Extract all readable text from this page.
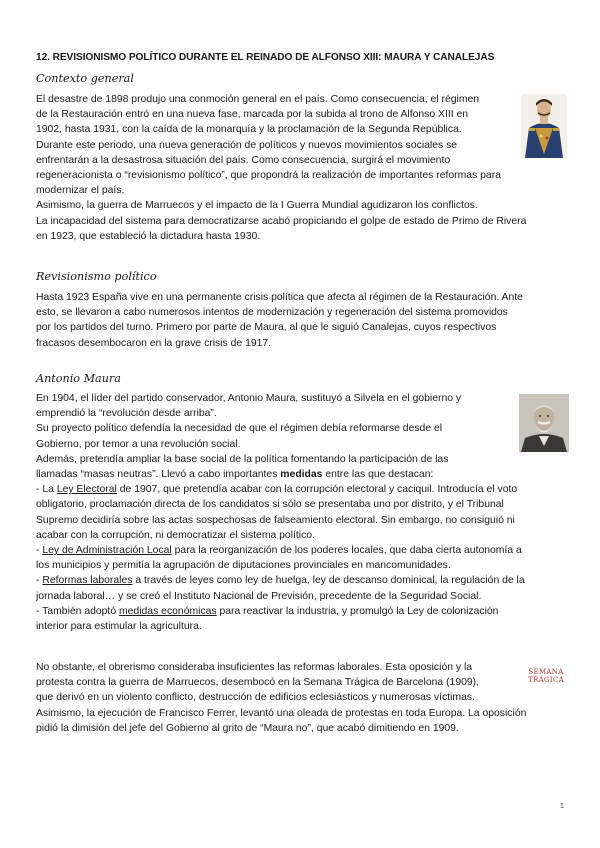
12. REVISIONISMO POLÍTICO DURANTE EL REINADO DE ALFONSO XIII: MAURA Y CANALEJAS
Contexto general

El desastre de 1898 produjo una conmoción general en el país. Como consecuencia, el régimen

de la Restauración entró en una nueva fase, marcada por la subida al trono de Alfonso XIII en

1902, hasta 1931, con la caída de la monarquía y la proclamación de la Segunda República.

Durante este periodo, una nueva generación de políticos y nuevos movimientos sociales se

enfrentarán a la desastrosa situación del país. Como consecuencia, surgirá el movimiento

regeneracionista o “revisionismo político”, que propondrá la realización de importantes reformas para

modernizar el país.

Asimismo, la guerra de Marruecos y el impacto de la I Guerra Mundial agudizaron los conflictos.

La incapacidad del sistema para democratizarse acabó propiciando el golpe de estado de Primo de Rivera

en 1923, que estableció la dictadura hasta 1930.

Revisionismo político

Hasta 1923 España vive en una permanente crisis política que afecta al régimen de la Restauración. Ante

esto, se llevaron a cabo numerosos intentos de modernización y regeneración del sistema promovidos

por los partidos del turno. Primero por parte de Maura, al que le siguió Canalejas, cuyos respectivos

fracasos desembocaron en la grave crisis de 1917.

Antonio Maura

En 1904, el líder del partido conservador, Antonio Maura, sustituyó a Silvela en el gobierno y

emprendió la “revolución desde arriba”.

Su proyecto político defendía la necesidad de que el régimen debía reformarse desde el

Gobierno, por temor a una revolución social.

Además, pretendía ampliar la base social de la política fomentando la participación de las

llamadas “masas neutras”. Llevó a cabo importantes medidas entre las que destacan:

- La Ley Electoral de 1907, que pretendía acabar con la corrupción electoral y caciquil. Introducía el voto

obligatorio, proclamación directa de los candidatos si sólo se presentaba uno por distrito, y el Tribunal

Supremo decidiría sobre las actas sospechosas de falseamiento electoral. Sin embargo, no consiguió ni

acabar con la corrupción, ni democratizar el sistema político.

- Ley de Administración Local para la reorganización de los poderes locales, que daba cierta autonomía a

los municipios y permitía la agrupación de diputaciones provinciales en mancomunidades.

- Reformas laborales a través de leyes como ley de huelga, ley de descanso dominical, la regulación de la

jornada laboral… y se creó el Instituto Nacional de Previsión, precedente de la Seguridad Social.

- También adoptó medidas económicas para reactivar la industria, y promulgó la Ley de colonización

interior para estimular la agricultura.

No obstante, el obrerismo consideraba insuficientes las reformas laborales. Esta oposición y la

protesta contra la guerra de Marruecos, desembocó en la Semana Trágica de Barcelona (1909),

que derivó en un violento conflicto, destrucción de edificios eclesiásticos y numerosas víctimas.

Asimismo, la ejecución de Francisco Ferrer, levantó una oleada de protestas en toda Europa. La oposición

pidió la dimisión del jefe del Gobierno al grito de “Maura no”, que acabó dimitiendo en 1909.

SEMANA
TRÁGICA
1
